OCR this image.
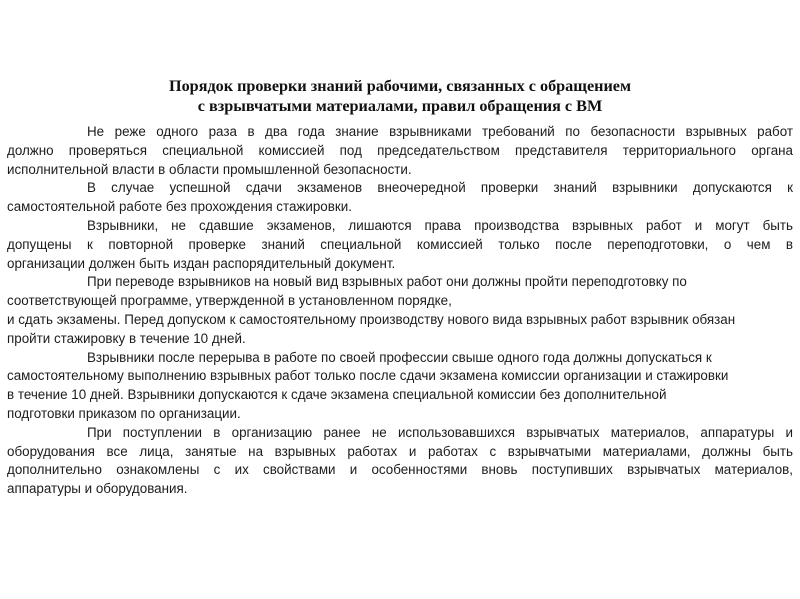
Порядок проверки знаний рабочими, связанных с обращением
с взрывчатыми материалами, правил обращения с ВМ
Не реже одного раза в два года знание взрывниками требований по безопасности взрывных работ
должно проверяться специальной комиссией под председательством представителя территориального органа
исполнительной власти в области промышленной безопасности.
В случае успешной сдачи экзаменов внеочередной проверки знаний взрывники допускаются к
самостоятельной работе без прохождения стажировки.
Взрывники, не сдавшие экзаменов, лишаются права производства взрывных работ и могут быть
допущены к повторной проверке знаний специальной комиссией только после переподготовки, о чем в
организации должен быть издан распорядительный документ.
При переводе взрывников на новый вид взрывных работ они должны пройти переподготовку по
соответствующей программе, утвержденной в установленном порядке,
и сдать экзамены. Перед допуском к самостоятельному производству нового вида взрывных работ взрывник обязан
пройти стажировку в течение 10 дней.
Взрывники после перерыва в работе по своей профессии свыше одного года должны допускаться к
самостоятельному выполнению взрывных работ только после сдачи экзамена комиссии организации и стажировки
в течение 10 дней. Взрывники допускаются к сдаче экзамена специальной комиссии без дополнительной
подготовки приказом по организации.
При поступлении в организацию ранее не использовавшихся взрывчатых материалов, аппаратуры и
оборудования все лица, занятые на взрывных работах и работах с взрывчатыми материалами, должны быть
дополнительно ознакомлены с их свойствами и особенностями вновь поступивших взрывчатых материалов,
аппаратуры и оборудования.
